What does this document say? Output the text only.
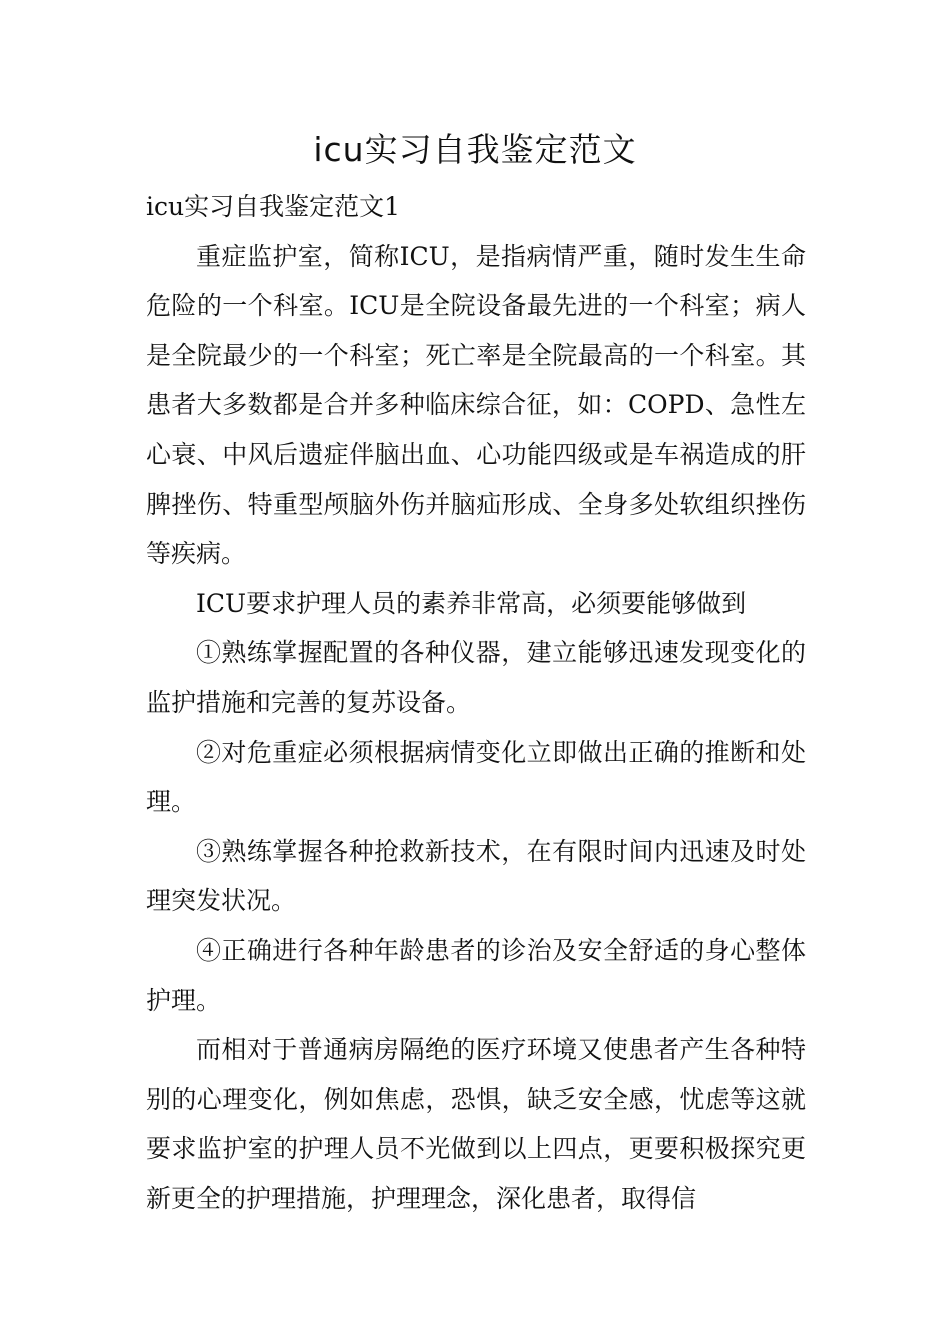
icu实习自我鉴定范文

icu实习自我鉴定范文1

重症监护室，简称ICU，是指病情严重，随时发生生命危险的一个科室。ICU是全院设备最先进的一个科室；病人是全院最少的一个科室；死亡率是全院最高的一个科室。其患者大多数都是合并多种临床综合征，如：COPD、急性左心衰、中风后遗症伴脑出血、心功能四级或是车祸造成的肝脾挫伤、特重型颅脑外伤并脑疝形成、全身多处软组织挫伤等疾病。

ICU要求护理人员的素养非常高，必须要能够做到

①熟练掌握配置的各种仪器，建立能够迅速发现变化的监护措施和完善的复苏设备。

②对危重症必须根据病情变化立即做出正确的推断和处理。

③熟练掌握各种抢救新技术，在有限时间内迅速及时处理突发状况。

④正确进行各种年龄患者的诊治及安全舒适的身心整体护理。

而相对于普通病房隔绝的医疗环境又使患者产生各种特别的心理变化，例如焦虑，恐惧，缺乏安全感，忧虑等这就要求监护室的护理人员不光做到以上四点，更要积极探究更新更全的护理措施，护理理念，深化患者，取得信
